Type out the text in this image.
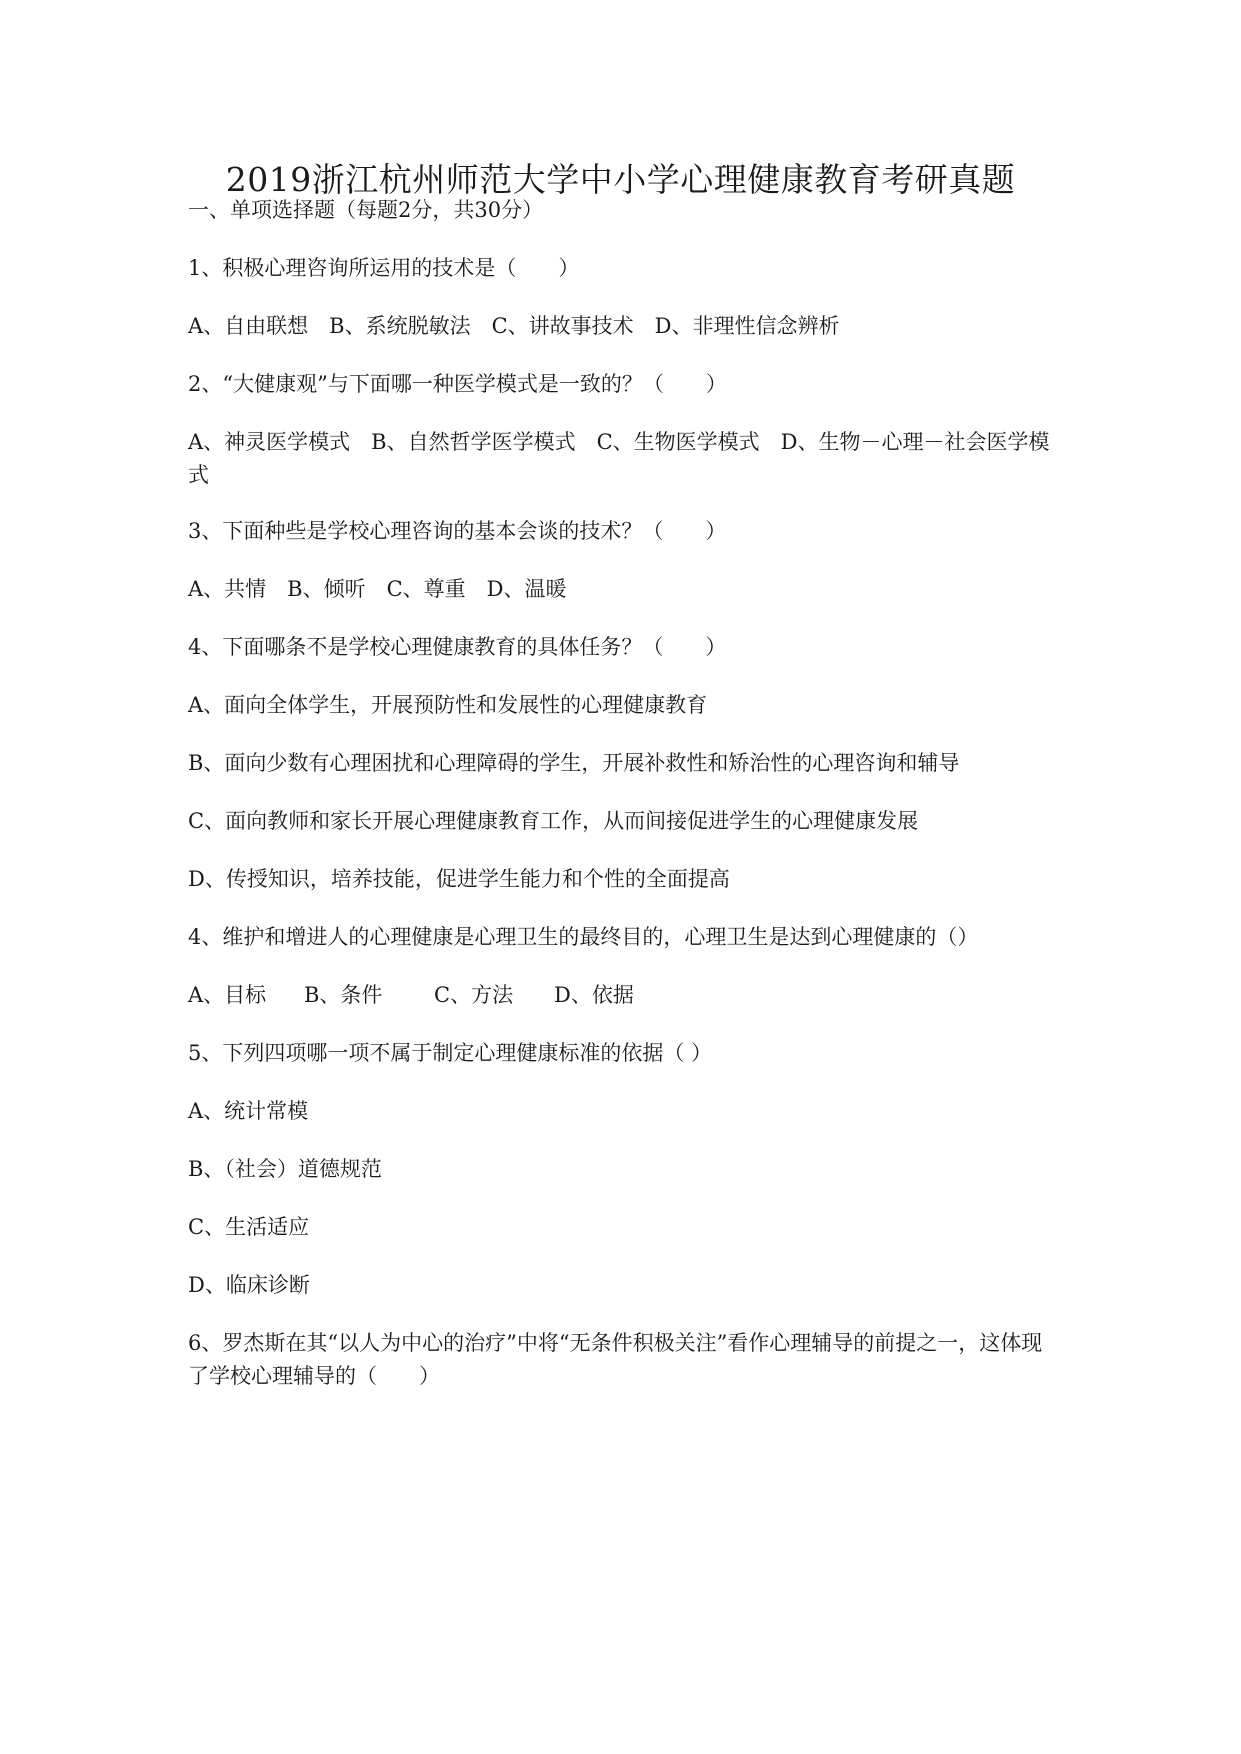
2019浙江杭州师范大学中小学心理健康教育考研真题
一、单项选择题（每题2分，共30分）
1、积极心理咨询所运用的技术是（　　）
A、自由联想　B、系统脱敏法　C、讲故事技术　D、非理性信念辨析
2、“大健康观”与下面哪一种医学模式是一致的？（　　）
A、神灵医学模式　B、自然哲学医学模式　C、生物医学模式　D、生物－心理－社会医学模式
3、下面种些是学校心理咨询的基本会谈的技术？（　　）
A、共情　B、倾听　C、尊重　D、温暖
4、下面哪条不是学校心理健康教育的具体任务？（　　）
A、面向全体学生，开展预防性和发展性的心理健康教育
B、面向少数有心理困扰和心理障碍的学生，开展补救性和矫治性的心理咨询和辅导
C、面向教师和家长开展心理健康教育工作，从而间接促进学生的心理健康发展
D、传授知识，培养技能，促进学生能力和个性的全面提高
4、维护和增进人的心理健康是心理卫生的最终目的，心理卫生是达到心理健康的（）
A、目标 B、条件 C、方法 D、依据
5、下列四项哪一项不属于制定心理健康标准的依据（ ）
A、统计常模
B、（社会）道德规范
C、生活适应
D、临床诊断
6、罗杰斯在其“以人为中心的治疗”中将“无条件积极关注”看作心理辅导的前提之一，这体现了学校心理辅导的（　　）
